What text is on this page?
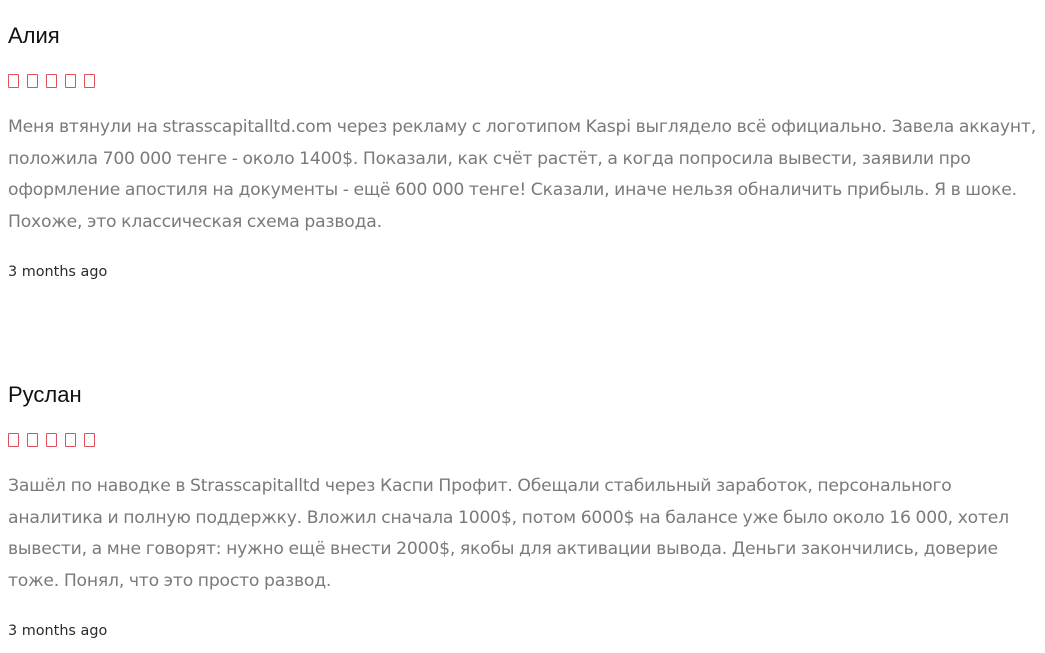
Алия
Меня втянули на strasscapitalltd.com через рекламу с логотипом Kaspi выглядело всё официально. Завела аккаунт, положила 700 000 тенге - около 1400$. Показали, как счёт растёт, а когда попросила вывести, заявили про оформление апостиля на документы - ещё 600 000 тенге! Сказали, иначе нельзя обналичить прибыль. Я в шоке. Похоже, это классическая схема развода.
3 months ago
Руслан
Зашёл по наводке в Strasscapitalltd через Каспи Профит. Обещали стабильный заработок, персонального аналитика и полную поддержку. Вложил сначала 1000$, потом 6000$ на балансе уже было около 16 000, хотел вывести, а мне говорят: нужно ещё внести 2000$, якобы для активации вывода. Деньги закончились, доверие тоже. Понял, что это просто развод.
3 months ago
